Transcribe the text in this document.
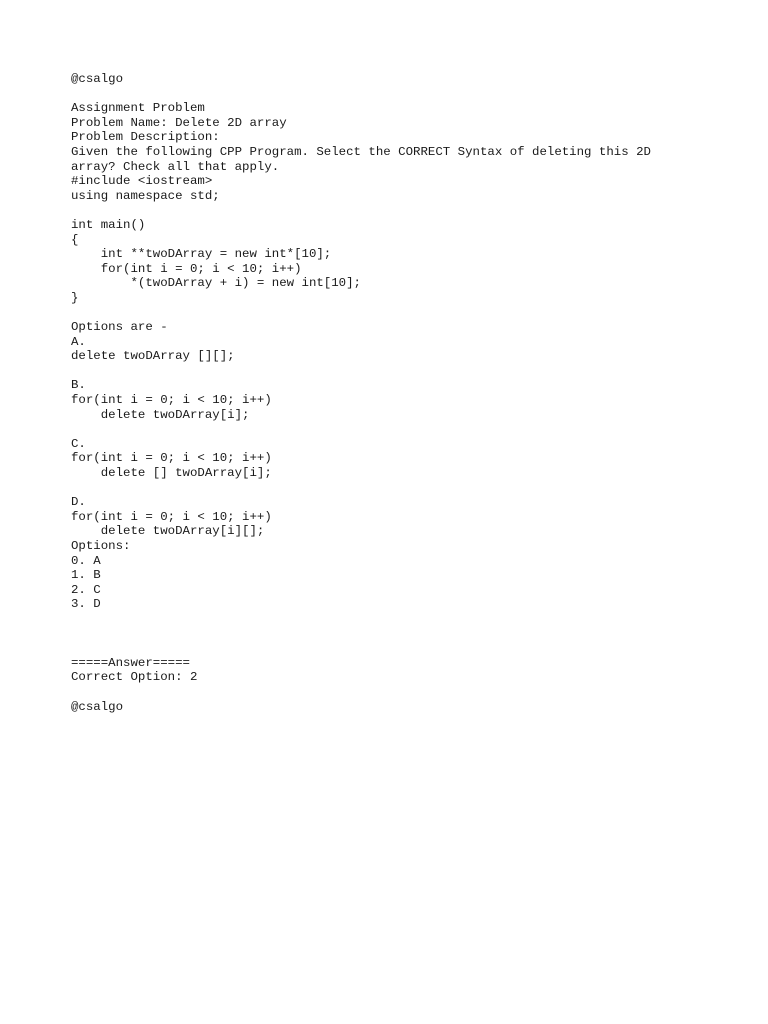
@csalgo
Assignment Problem
Problem Name: Delete 2D array
Problem Description:
Given the following CPP Program. Select the CORRECT Syntax of deleting this 2D
array? Check all that apply.
#include <iostream>
using namespace std;
int main()
{
int **twoDArray = new int*[10];
for(int i = 0; i < 10; i++)
*(twoDArray + i) = new int[10];
}
Options are -
A.
delete twoDArray [][];
B.
for(int i = 0; i < 10; i++)
delete twoDArray[i];
C.
for(int i = 0; i < 10; i++)
delete [] twoDArray[i];
D.
for(int i = 0; i < 10; i++)
delete twoDArray[i][];
Options:
0. A
1. B
2. C
3. D
=====Answer=====
Correct Option: 2
@csalgo
